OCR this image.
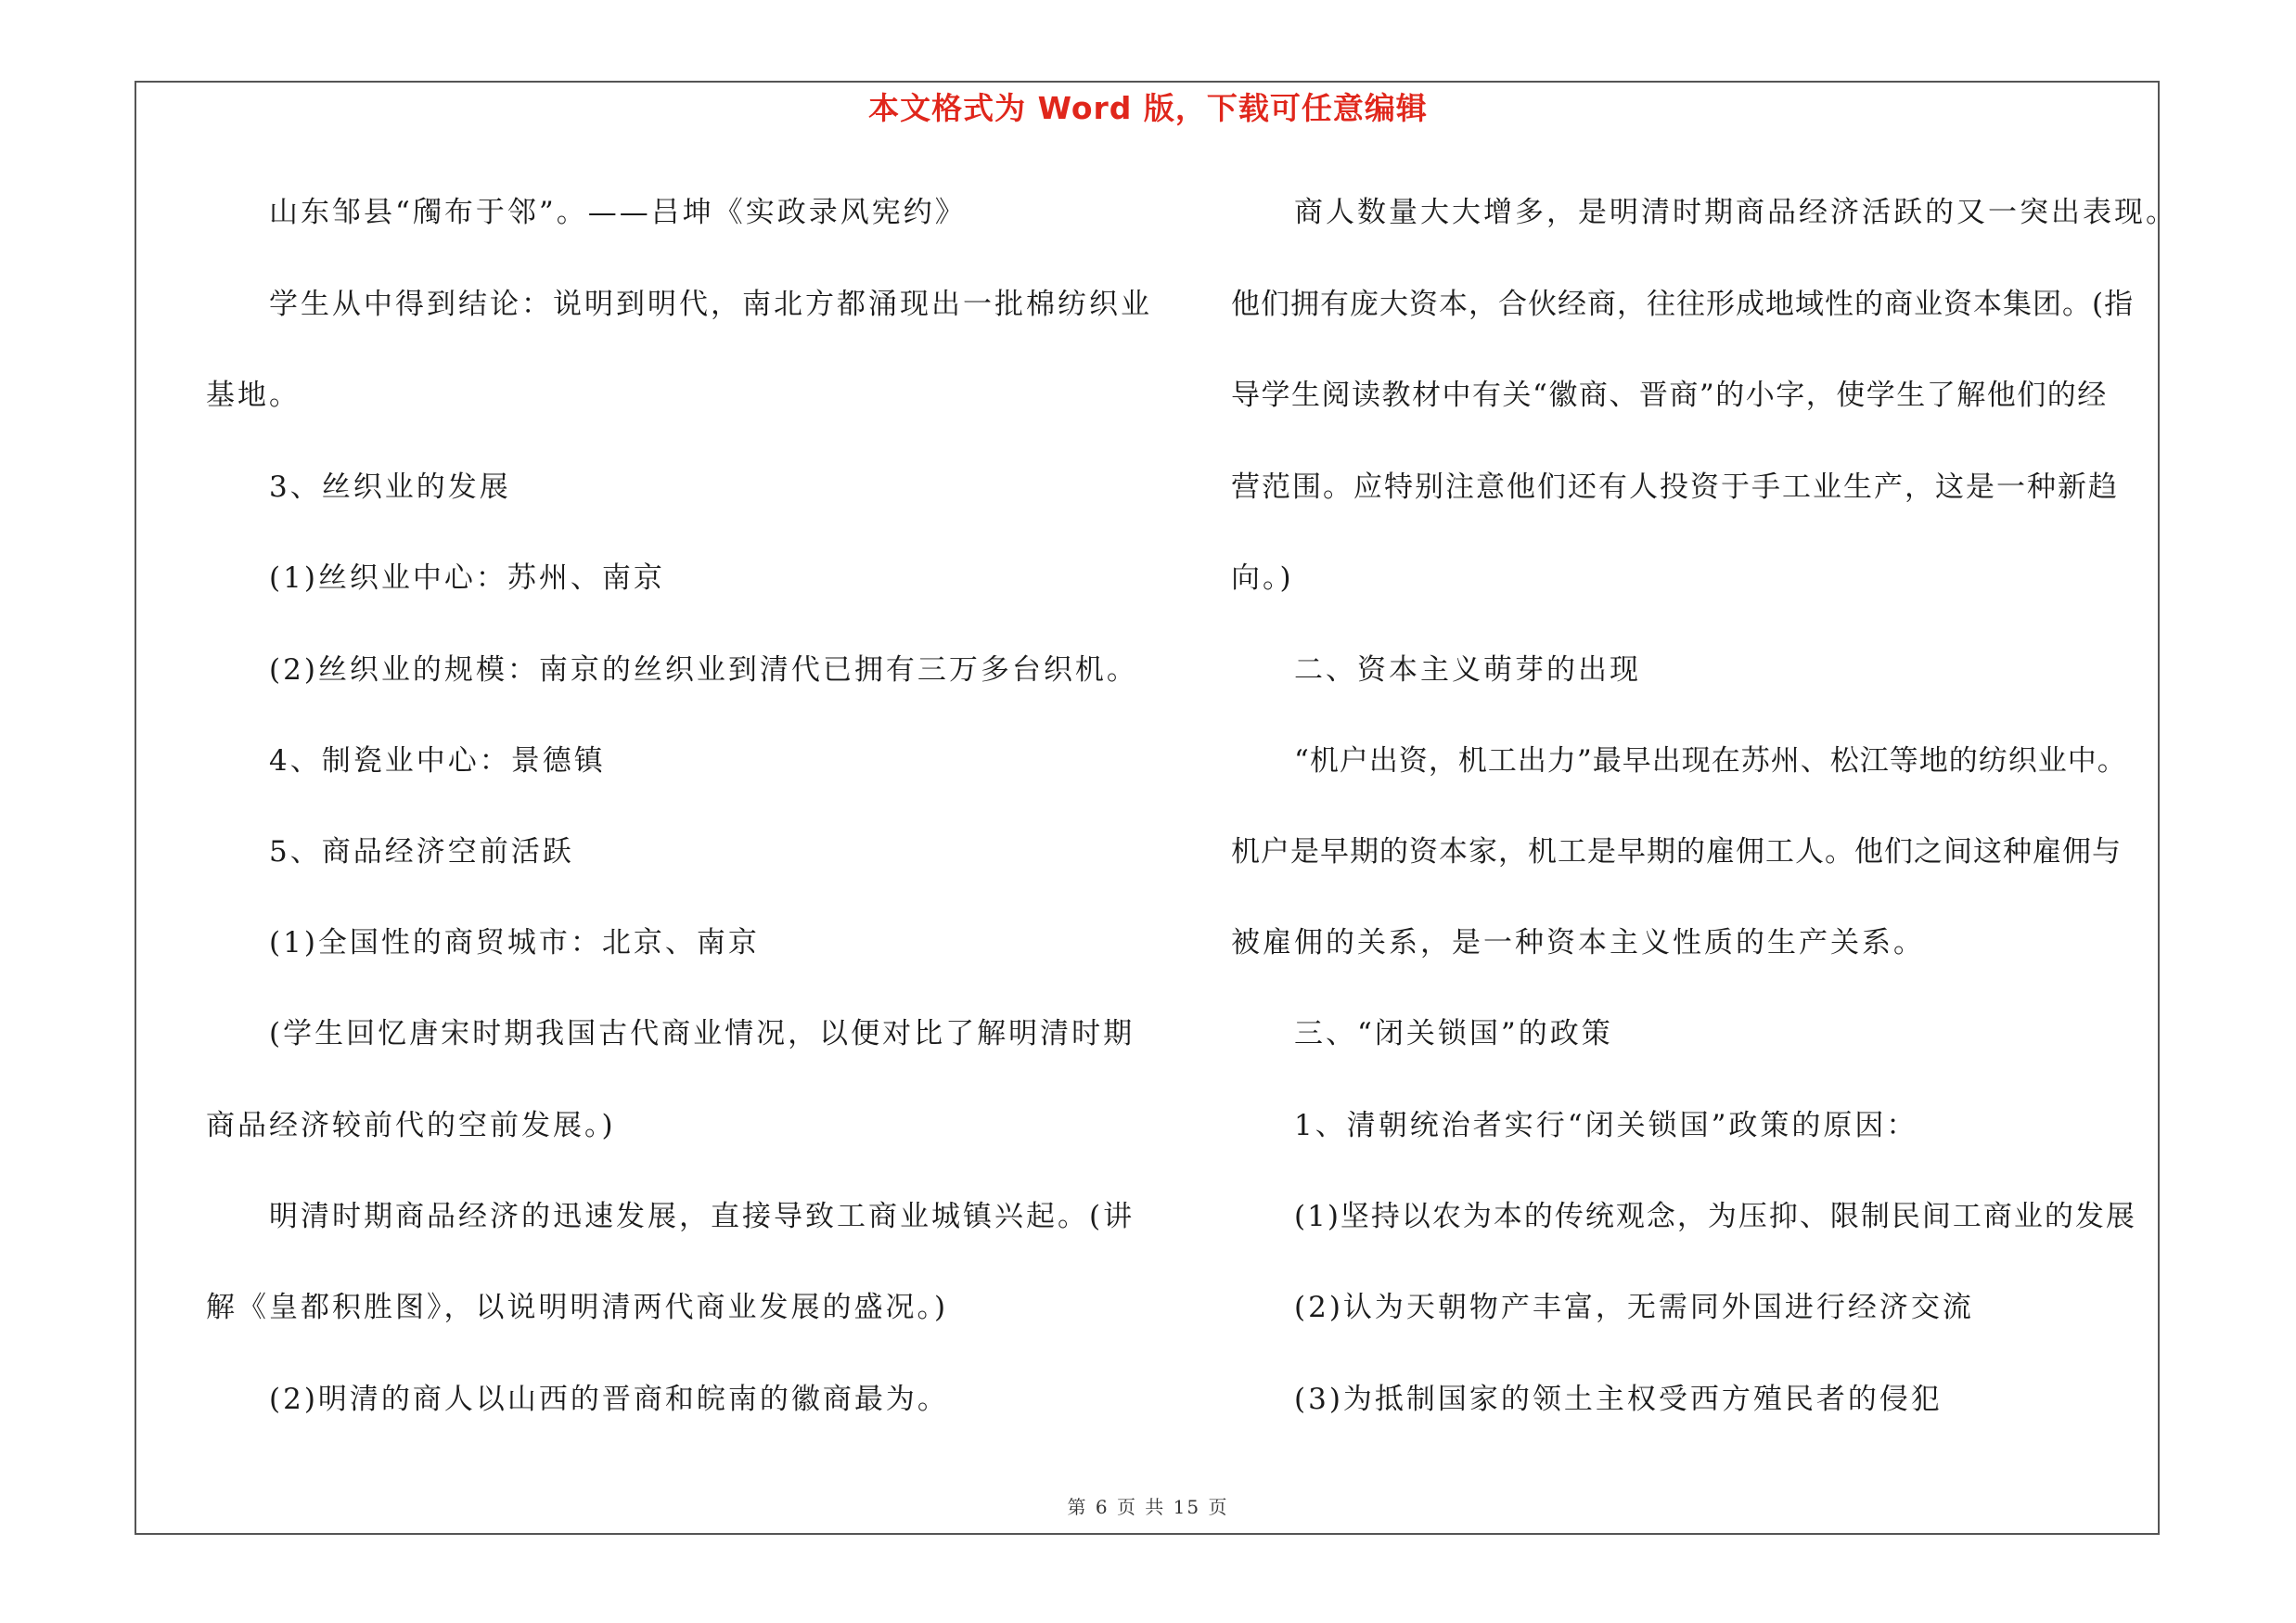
本文格式为 Word 版，下载可任意编辑
山东邹县“斶布于邻”。——吕坤《实政录风宪约》
学生从中得到结论：说明到明代，南北方都涌现出一批棉纺织业
基地。
3、丝织业的发展
(1)丝织业中心：苏州、南京
(2)丝织业的规模：南京的丝织业到清代已拥有三万多台织机。
4、制瓷业中心：景德镇
5、商品经济空前活跃
(1)全国性的商贸城市：北京、南京
(学生回忆唐宋时期我国古代商业情况，以便对比了解明清时期
商品经济较前代的空前发展。)
明清时期商品经济的迅速发展，直接导致工商业城镇兴起。(讲
解《皇都积胜图》，以说明明清两代商业发展的盛况。)
(2)明清的商人以山西的晋商和皖南的徽商最为。
商人数量大大增多，是明清时期商品经济活跃的又一突出表现。
他们拥有庞大资本，合伙经商，往往形成地域性的商业资本集团。(指
导学生阅读教材中有关“徽商、晋商”的小字，使学生了解他们的经
营范围。应特别注意他们还有人投资于手工业生产，这是一种新趋
向。)
二、资本主义萌芽的出现
“机户出资，机工出力”最早出现在苏州、松江等地的纺织业中。
机户是早期的资本家，机工是早期的雇佣工人。他们之间这种雇佣与
被雇佣的关系，是一种资本主义性质的生产关系。
三、“闭关锁国”的政策
1、清朝统治者实行“闭关锁国”政策的原因：
(1)坚持以农为本的传统观念，为压抑、限制民间工商业的发展
(2)认为天朝物产丰富，无需同外国进行经济交流
(3)为抵制国家的领土主权受西方殖民者的侵犯
第 6 页 共 15 页
